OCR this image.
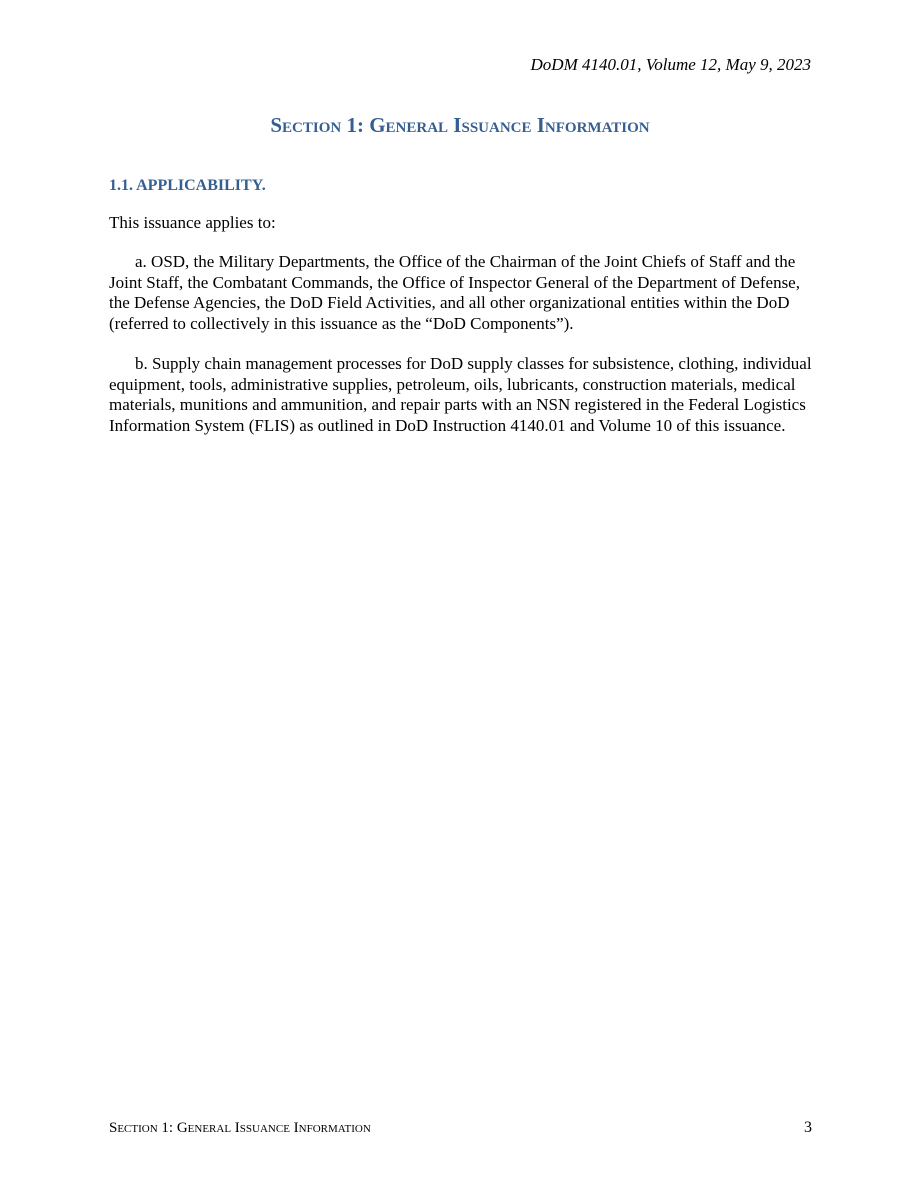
DoDM 4140.01, Volume 12, May 9, 2023
Section 1: General Issuance Information
1.1. APPLICABILITY.

This issuance applies to:

a. OSD, the Military Departments, the Office of the Chairman of the Joint Chiefs of Staff and the Joint Staff, the Combatant Commands, the Office of Inspector General of the Department of Defense, the Defense Agencies, the DoD Field Activities, and all other organizational entities within the DoD (referred to collectively in this issuance as the “DoD Components”).

b. Supply chain management processes for DoD supply classes for subsistence, clothing, individual equipment, tools, administrative supplies, petroleum, oils, lubricants, construction materials, medical materials, munitions and ammunition, and repair parts with an NSN registered in the Federal Logistics Information System (FLIS) as outlined in DoD Instruction 4140.01 and Volume 10 of this issuance.

Section 1: General Issuance Information	3
